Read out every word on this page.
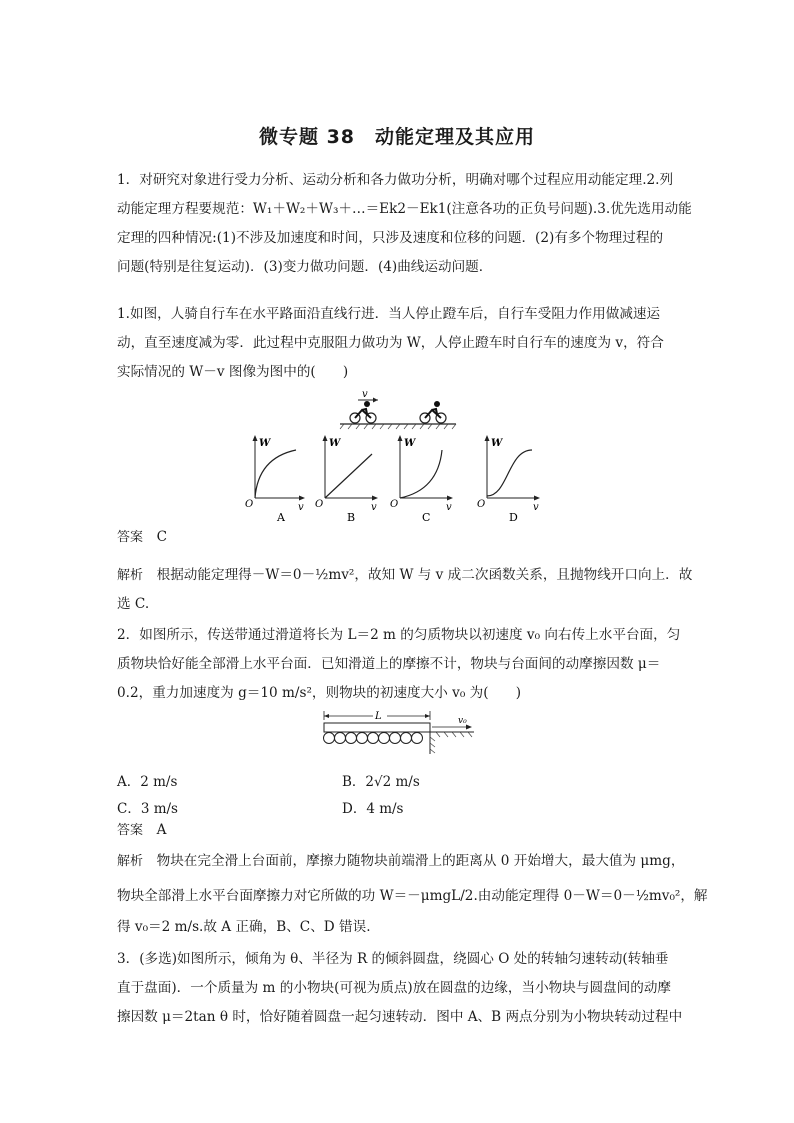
微专题 38　动能定理及其应用
1．对研究对象进行受力分析、运动分析和各力做功分析，明确对哪个过程应用动能定理.2.列
动能定理方程要规范：W₁＋W₂＋W₃＋…＝Ek2－Ek1(注意各功的正负号问题).3.优先选用动能
定理的四种情况:(1)不涉及加速度和时间，只涉及速度和位移的问题．(2)有多个物理过程的
问题(特别是往复运动)．(3)变力做功问题．(4)曲线运动问题．
1.如图，人骑自行车在水平路面沿直线行进．当人停止蹬车后，自行车受阻力作用做减速运
动，直至速度减为零．此过程中克服阻力做功为 W，人停止蹬车时自行车的速度为 v，符合
实际情况的 W－v 图像为图中的(　　)
v
W
O	v
A
W
O	v
B
W
O	v
C
W
O	v
D
答案　 C
解析　 根据动能定理得－W＝0－½mv²，故知 W 与 v 成二次函数关系，且抛物线开口向上．故
选 C.
2．如图所示，传送带通过滑道将长为 L＝2 m 的匀质物块以初速度 v₀ 向右传上水平台面，匀
质物块恰好能全部滑上水平台面．已知滑道上的摩擦不计，物块与台面间的动摩擦因数 μ＝
0.2，重力加速度为 g＝10 m/s²，则物块的初速度大小 v₀ 为(　　)
L	v₀
A．2 m/s	B．2√2 m/s
C．3 m/s	D．4 m/s
答案　 A
解析　 物块在完全滑上台面前，摩擦力随物块前端滑上的距离从 0 开始增大，最大值为 μmg，
物块全部滑上水平台面摩擦力对它所做的功 W＝－μmgL/2.由动能定理得 0－W＝0－½mv₀²，解
得 v₀＝2 m/s.故 A 正确，B、C、D 错误.
3．(多选)如图所示，倾角为 θ、半径为 R 的倾斜圆盘，绕圆心 O 处的转轴匀速转动(转轴垂
直于盘面)．一个质量为 m 的小物块(可视为质点)放在圆盘的边缘，当小物块与圆盘间的动摩
擦因数 μ＝2tan θ 时，恰好随着圆盘一起匀速转动．图中 A、B 两点分别为小物块转动过程中
